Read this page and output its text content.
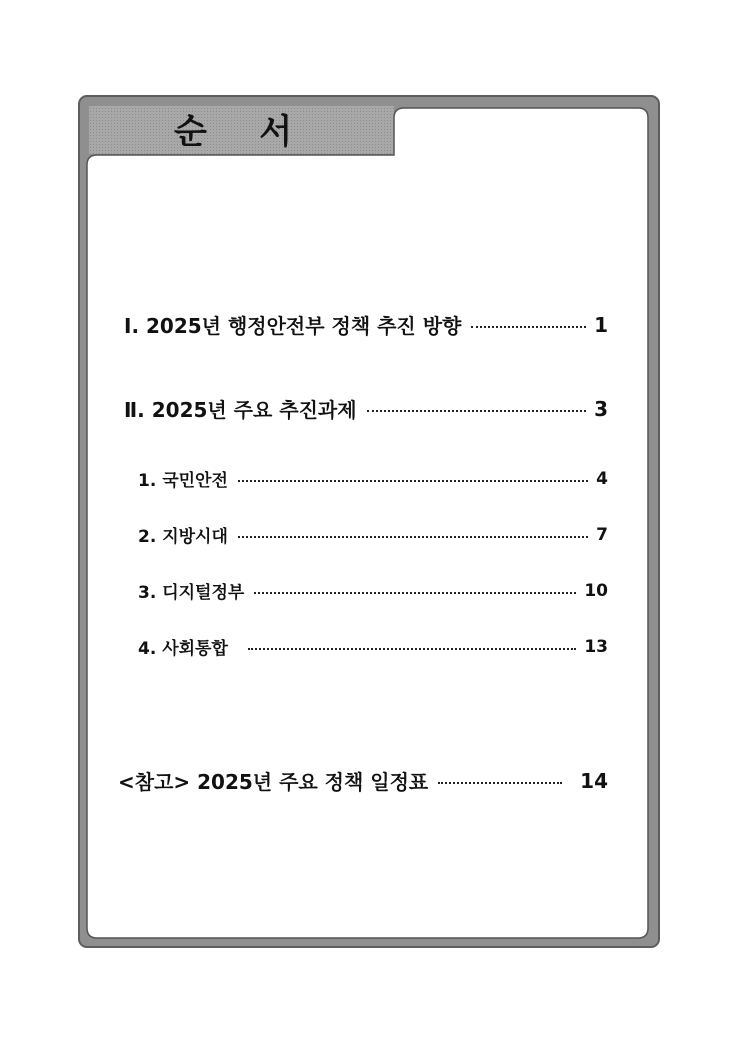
순    서
Ⅰ. 2025년 행정안전부 정책 추진 방향	1
Ⅱ. 2025년 주요 추진과제	3
1. 국민안전	4
2. 지방시대	7
3. 디지털정부	10
4. 사회통합	13
<참고> 2025년 주요 정책 일정표	14
